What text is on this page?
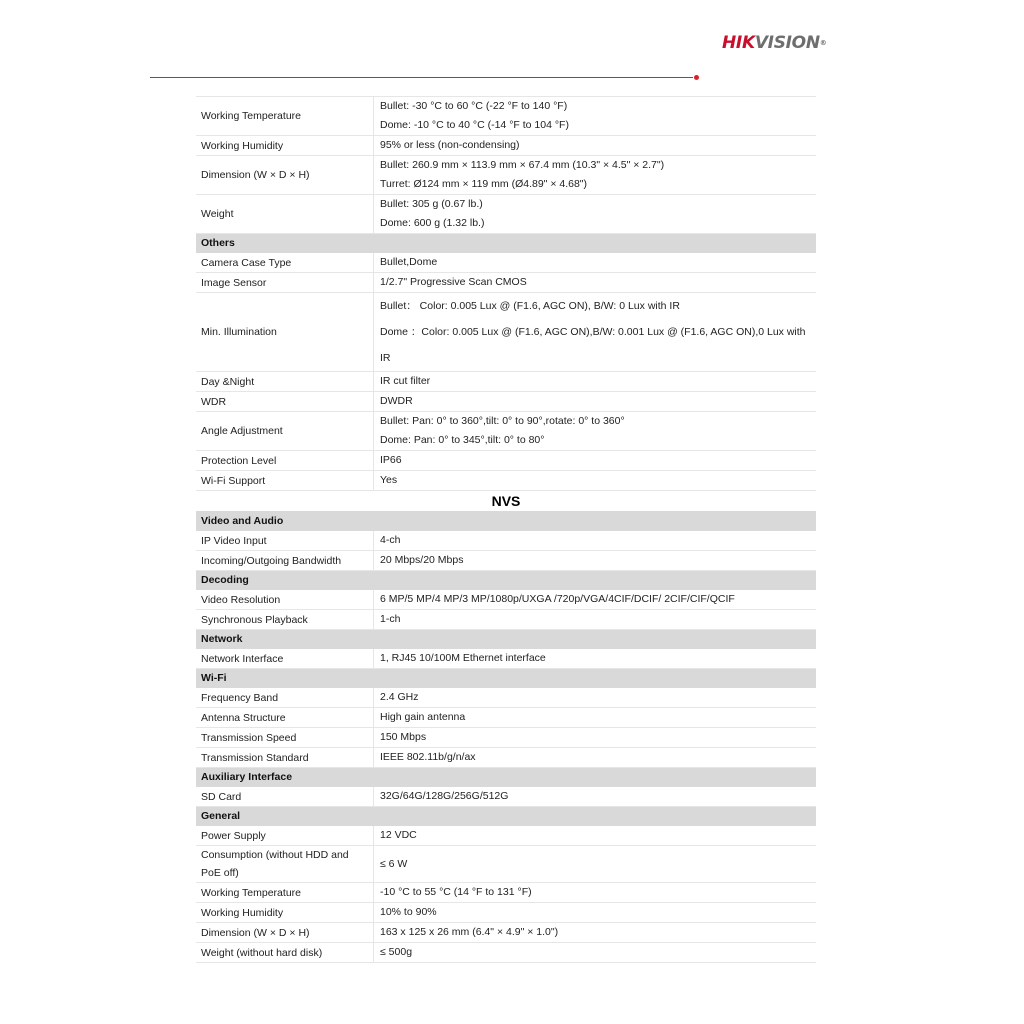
HIKVISION®
Working Temperature	Bullet: -30 °C to 60 °C (-22 °F to 140 °F)
Dome: -10 °C to 40 °C (-14 °F to 104 °F)

Working Humidity	95% or less (non-condensing)

Dimension (W × D × H)	Bullet: 260.9 mm × 113.9 mm × 67.4 mm (10.3" × 4.5" × 2.7")
Turret: Ø124 mm × 119 mm (Ø4.89" × 4.68")

Weight	Bullet: 305 g (0.67 lb.)
Dome: 600 g (1.32 lb.)

Others	
Camera Case Type	Bullet,Dome

Image Sensor	1/2.7" Progressive Scan CMOS

Min. Illumination	Bullet： Color: 0.005 Lux @ (F1.6, AGC ON), B/W: 0 Lux with IR
Dome ：Color: 0.005 Lux @ (F1.6, AGC ON),B/W: 0.001 Lux @ (F1.6, AGC ON),0 Lux with
IR

Day &Night	IR cut filter

WDR	DWDR

Angle Adjustment	Bullet: Pan: 0° to 360°,tilt: 0° to 90°,rotate: 0° to 360°
Dome: Pan: 0° to 345°,tilt: 0° to 80°

Protection Level	IP66

Wi-Fi Support	Yes

NVS	
Video and Audio	
IP Video Input	4-ch

Incoming/Outgoing Bandwidth	20 Mbps/20 Mbps

Decoding	
Video Resolution	6 MP/5 MP/4 MP/3 MP/1080p/UXGA /720p/VGA/4CIF/DCIF/ 2CIF/CIF/QCIF

Synchronous Playback	1-ch

Network	
Network Interface	1, RJ45 10/100M Ethernet interface

Wi-Fi	
Frequency Band	2.4 GHz

Antenna Structure	High gain antenna

Transmission Speed	150 Mbps

Transmission Standard	IEEE 802.11b/g/n/ax

Auxiliary Interface	
SD Card	32G/64G/128G/256G/512G

General	
Power Supply	12 VDC

Consumption (without HDD and PoE off)	≤ 6 W

Working Temperature	-10 °C to 55 °C (14 °F to 131 °F)

Working Humidity	10% to 90%

Dimension (W × D × H)	163 x 125 x 26 mm (6.4" × 4.9" × 1.0")

Weight (without hard disk)	≤ 500g
